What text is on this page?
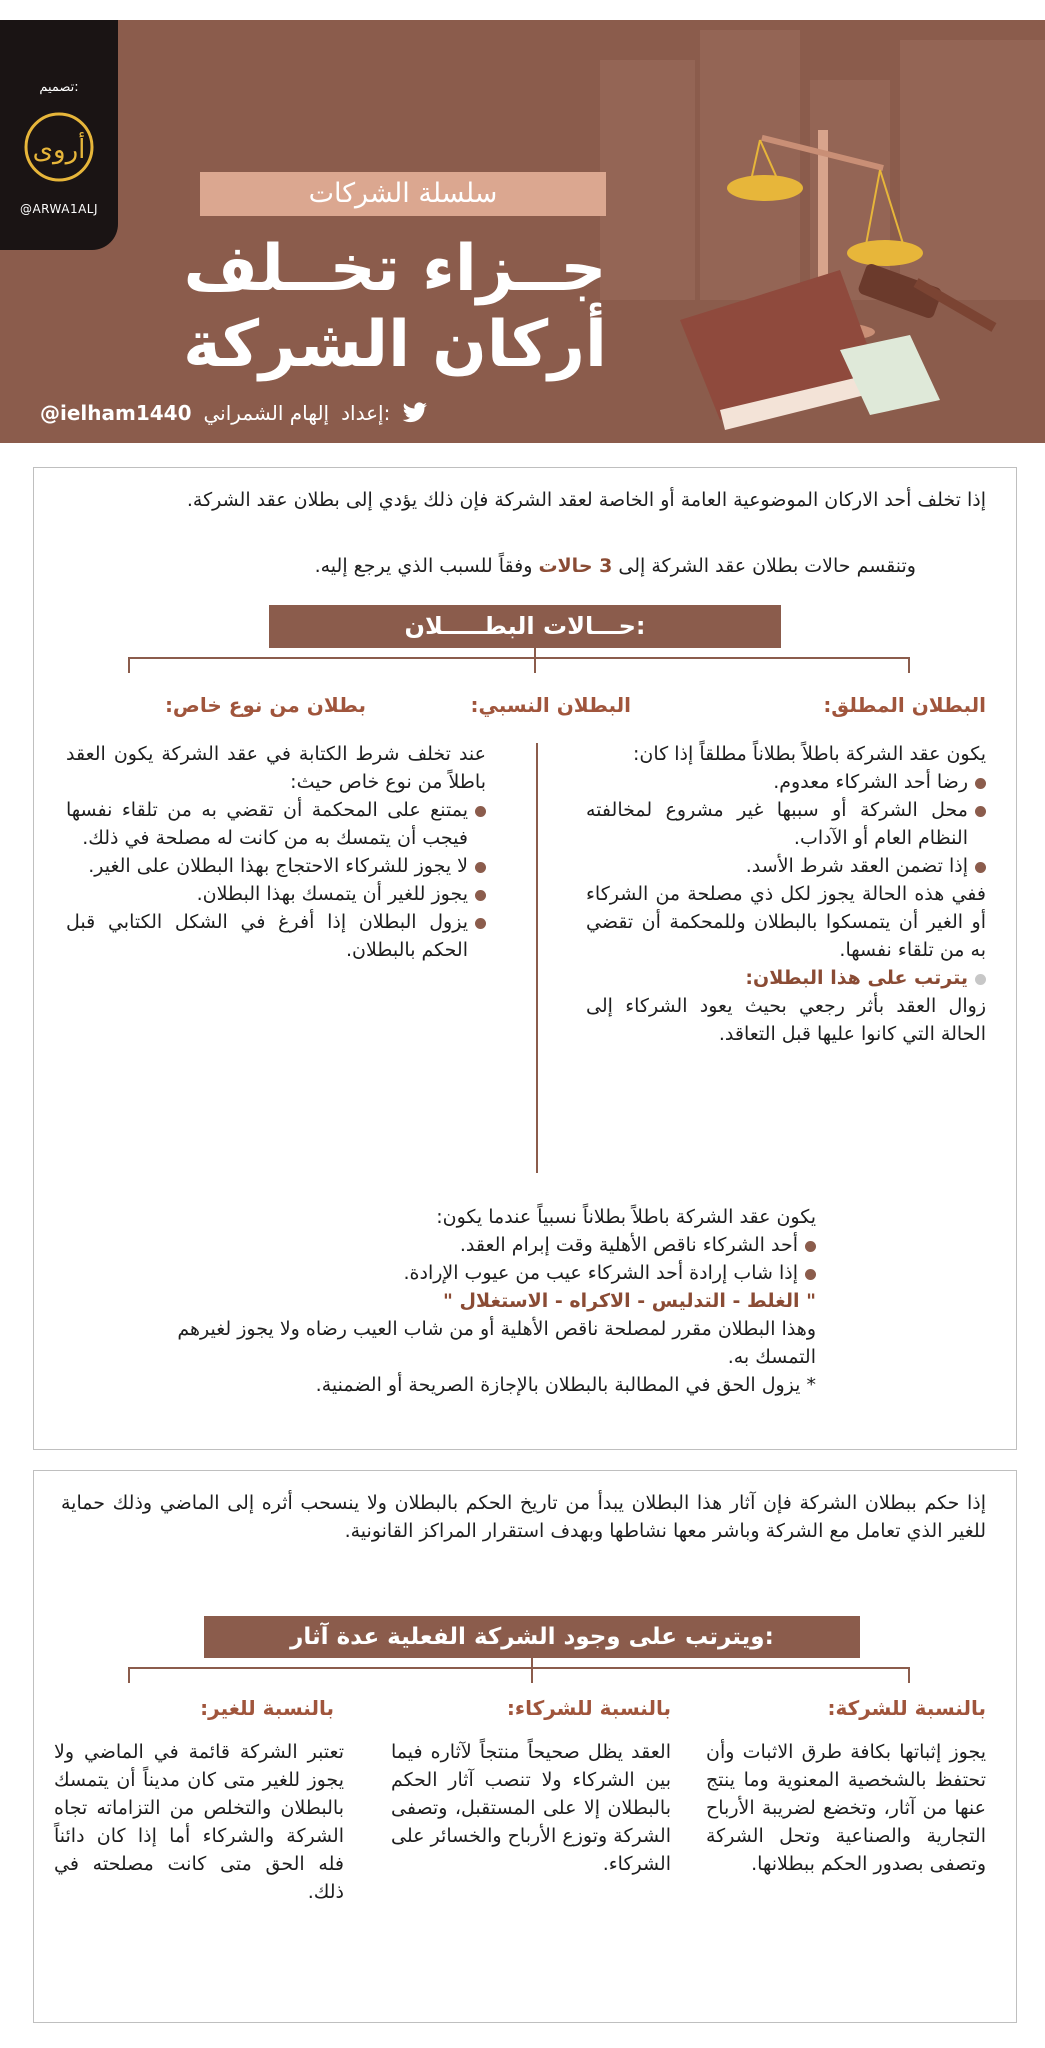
تصميم:
أروى
@ARWA1ALJ	سلسلة الشركات
جــزاء تخــلف
أركان الشركة
@ielham1440 إلهام الشمراني إعداد:
إذا تخلف أحد الاركان الموضوعية العامة أو الخاصة لعقد الشركة فإن ذلك يؤدي إلى بطلان عقد الشركة.
وتنقسم حالات بطلان عقد الشركة إلى 3 حالات وفقاً للسبب الذي يرجع إليه.
حـــالات البطـــــلان:
البطلان المطلق:
البطلان النسبي:
بطلان من نوع خاص:
يكون عقد الشركة باطلاً بطلاناً مطلقاً إذا كان:
رضا أحد الشركاء معدوم.
محل الشركة أو سببها غير مشروع لمخالفته النظام العام أو الآداب.
إذا تضمن العقد شرط الأسد.
ففي هذه الحالة يجوز لكل ذي مصلحة من الشركاء أو الغير أن يتمسكوا بالبطلان وللمحكمة أن تقضي به من تلقاء نفسها.
يترتب على هذا البطلان:
زوال العقد بأثر رجعي بحيث يعود الشركاء إلى الحالة التي كانوا عليها قبل التعاقد.
عند تخلف شرط الكتابة في عقد الشركة يكون العقد باطلاً من نوع خاص حيث:
يمتنع على المحكمة أن تقضي به من تلقاء نفسها فيجب أن يتمسك به من كانت له مصلحة في ذلك.
لا يجوز للشركاء الاحتجاج بهذا البطلان على الغير.
يجوز للغير أن يتمسك بهذا البطلان.
يزول البطلان إذا أفرغ في الشكل الكتابي قبل الحكم بالبطلان.
يكون عقد الشركة باطلاً بطلاناً نسبياً عندما يكون:
أحد الشركاء ناقص الأهلية وقت إبرام العقد.
إذا شاب إرادة أحد الشركاء عيب من عيوب الإرادة.
" الغلط - التدليس - الاكراه - الاستغلال "
وهذا البطلان مقرر لمصلحة ناقص الأهلية أو من شاب العيب رضاه ولا يجوز لغيرهم التمسك به.
* يزول الحق في المطالبة بالبطلان بالإجازة الصريحة أو الضمنية.
إذا حكم ببطلان الشركة فإن آثار هذا البطلان يبدأ من تاريخ الحكم بالبطلان ولا ينسحب أثره إلى الماضي وذلك حماية للغير الذي تعامل مع الشركة وباشر معها نشاطها وبهدف استقرار المراكز القانونية.
ويترتب على وجود الشركة الفعلية عدة آثار:
بالنسبة للشركة:
بالنسبة للشركاء:
بالنسبة للغير:
يجوز إثباتها بكافة طرق الاثبات وأن تحتفظ بالشخصية المعنوية وما ينتج عنها من آثار، وتخضع لضريبة الأرباح التجارية والصناعية وتحل الشركة وتصفى بصدور الحكم ببطلانها.
العقد يظل صحيحاً منتجاً لآثاره فيما بين الشركاء ولا تنصب آثار الحكم بالبطلان إلا على المستقبل، وتصفى الشركة وتوزع الأرباح والخسائر على الشركاء.
تعتبر الشركة قائمة في الماضي ولا يجوز للغير متى كان مديناً أن يتمسك بالبطلان والتخلص من التزاماته تجاه الشركة والشركاء أما إذا كان دائناً فله الحق متى كانت مصلحته في ذلك.
